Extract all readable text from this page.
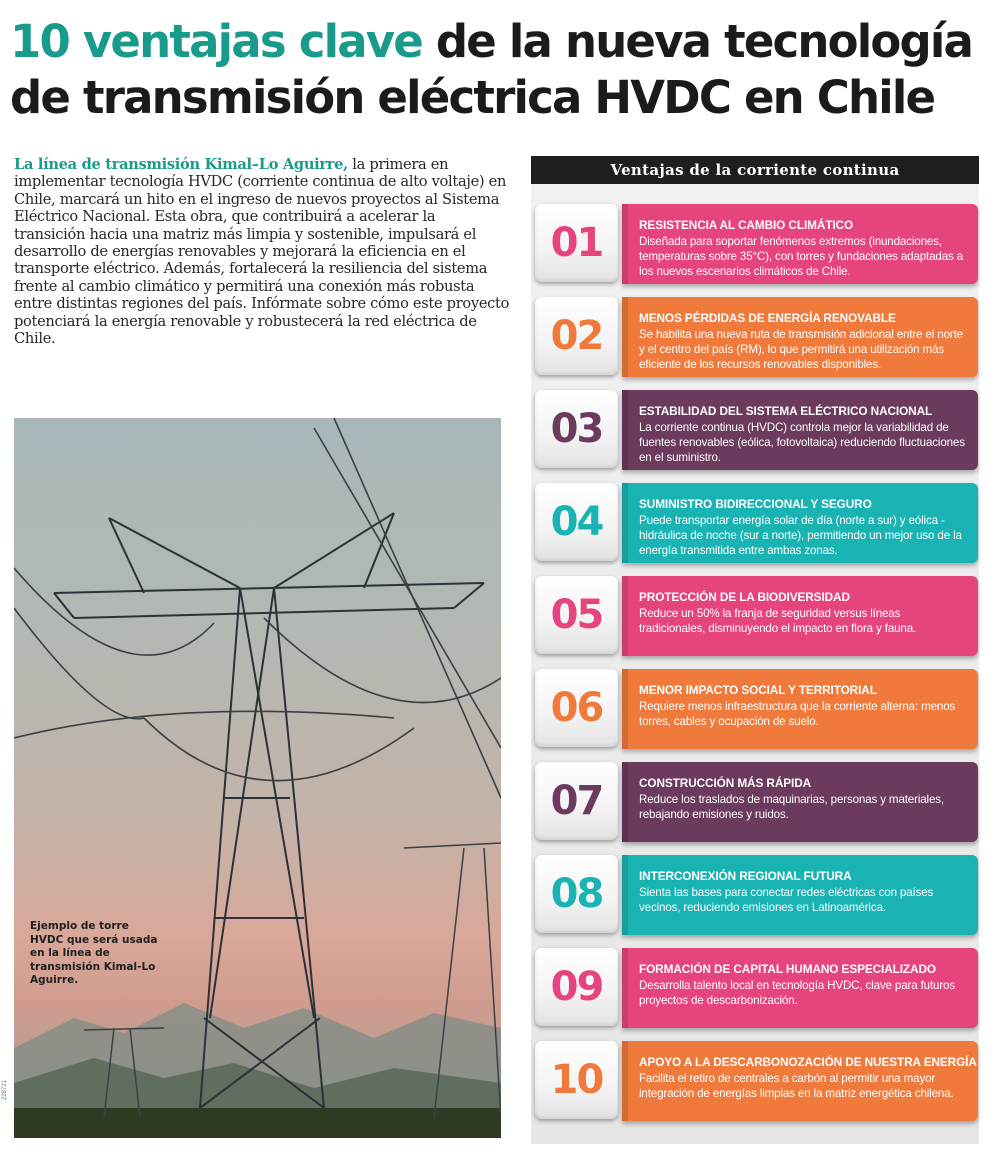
10 ventajas clave de la nueva tecnología de transmisión eléctrica HVDC en Chile

La línea de transmisión Kimal–Lo Aguirre, la primera en implementar tecnología HVDC (corriente continua de alto voltaje) en Chile, marcará un hito en el ingreso de nuevos proyectos al Sistema Eléctrico Nacional. Esta obra, que contribuirá a acelerar la transición hacia una matriz más limpia y sostenible, impulsará el desarrollo de energías renovables y mejorará la eficiencia en el transporte eléctrico. Además, fortalecerá la resiliencia del sistema frente al cambio climático y permitirá una conexión más robusta entre distintas regiones del país. Infórmate sobre cómo este proyecto potenciará la energía renovable y robustecerá la red eléctrica de Chile.

Ejemplo de torre HVDC que será usada en la línea de transmisión Kimal-Lo Aguirre.

228721
Ventajas de la corriente continua
01	RESISTENCIA AL CAMBIO CLIMÁTICO

Diseñada para soportar fenómenos extremos (inundaciones, temperaturas sobre 35°C), con torres y fundaciones adaptadas a los nuevos escenarios climáticos de Chile.

02	MENOS PÉRDIDAS DE ENERGÍA RENOVABLE

Se habilita una nueva ruta de transmisión adicional entre el norte y el centro del país (RM), lo que permitirá una utilización más eficiente de los recursos renovables disponibles.

03	ESTABILIDAD DEL SISTEMA ELÉCTRICO NACIONAL

La corriente continua (HVDC) controla mejor la variabilidad de fuentes renovables (eólica, fotovoltaica) reduciendo fluctuaciones en el suministro.

04	SUMINISTRO BIDIRECCIONAL Y SEGURO

Puede transportar energía solar de día (norte a sur) y eólica - hidráulica de noche (sur a norte), permitiendo un mejor uso de la energía transmitida entre ambas zonas.

05	PROTECCIÓN DE LA BIODIVERSIDAD

Reduce un 50% la franja de seguridad versus líneas tradicionales, disminuyendo el impacto en flora y fauna.

06	MENOR IMPACTO SOCIAL Y TERRITORIAL

Requiere menos infraestructura que la corriente alterna: menos torres, cables y ocupación de suelo.

07	CONSTRUCCIÓN MÁS RÁPIDA

Reduce los traslados de maquinarias, personas y materiales, rebajando emisiones y ruidos.

08	INTERCONEXIÓN REGIONAL FUTURA

Sienta las bases para conectar redes eléctricas con países vecinos, reduciendo emisiones en Latinoamérica.

09	FORMACIÓN DE CAPITAL HUMANO ESPECIALIZADO

Desarrolla talento local en tecnología HVDC, clave para futuros proyectos de descarbonización.

10	APOYO A LA DESCARBONOZACIÓN DE NUESTRA ENERGÍA

Facilita el retiro de centrales a carbón al permitir una mayor integración de energías limpias en la matriz energética chilena.
